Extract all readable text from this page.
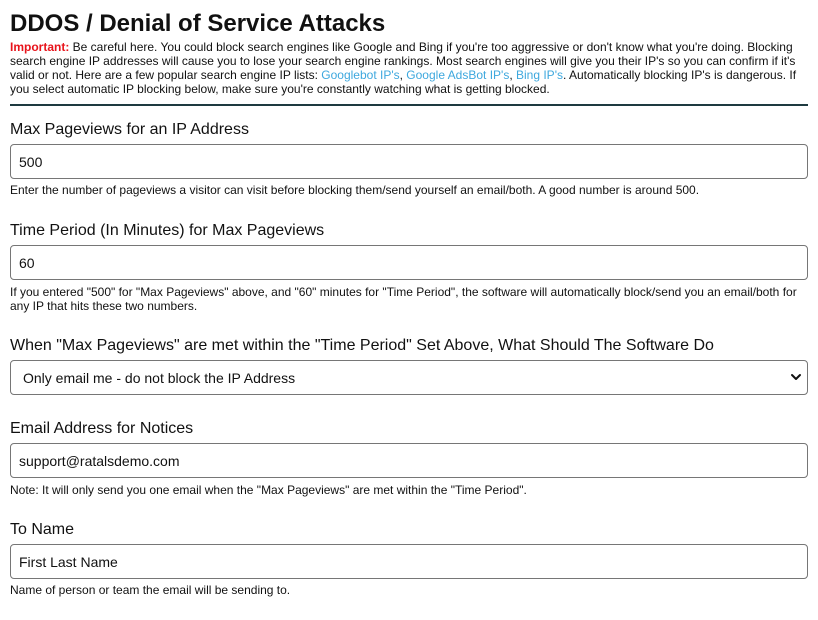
DDOS / Denial of Service Attacks

Important: Be careful here. You could block search engines like Google and Bing if you're too aggressive or don't know what you're doing. Blocking search engine IP addresses will cause you to lose your search engine rankings. Most search engines will give you their IP's so you can confirm if it's valid or not. Here are a few popular search engine IP lists: Googlebot IP's, Google AdsBot IP's, Bing IP's. Automatically blocking IP's is dangerous. If you select automatic IP blocking below, make sure you're constantly watching what is getting blocked.

Max Pageviews for an IP Address
500
Enter the number of pageviews a visitor can visit before blocking them/send yourself an email/both. A good number is around 500.
Time Period (In Minutes) for Max Pageviews
60
If you entered "500" for "Max Pageviews" above, and "60" minutes for "Time Period", the software will automatically block/send you an email/both for any IP that hits these two numbers.
When "Max Pageviews" are met within the "Time Period" Set Above, What Should The Software Do
Only email me - do not block the IP Address
Email Address for Notices
support@ratalsdemo.com
Note: It will only send you one email when the "Max Pageviews" are met within the "Time Period".
To Name
First Last Name
Name of person or team the email will be sending to.
